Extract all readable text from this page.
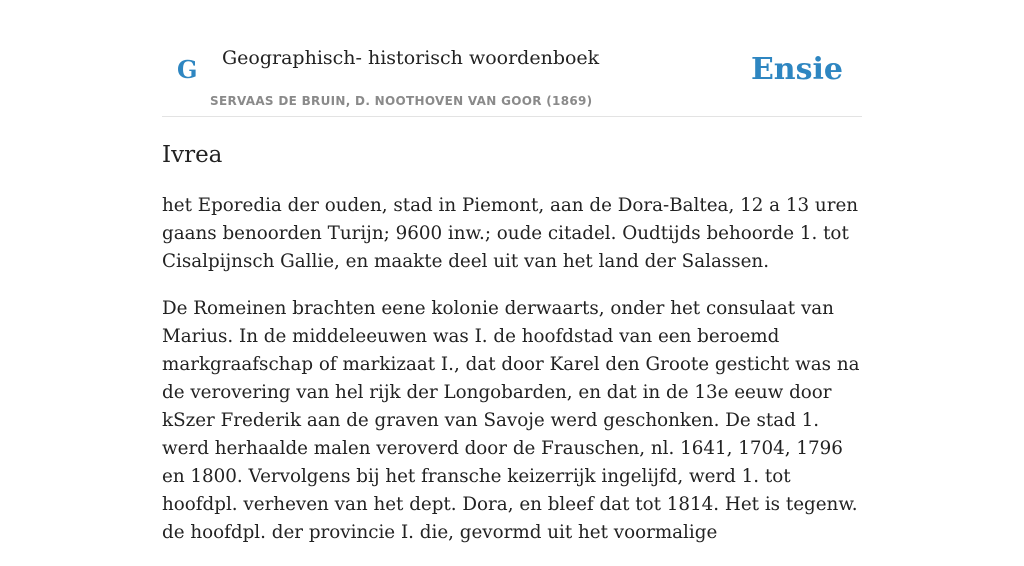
G Geographisch- historisch woordenboek
SERVAAS DE BRUIN, D. NOOTHOVEN VAN GOOR (1869)
Ensie
Ivrea

het Eporedia der ouden, stad in Piemont, aan de Dora-Baltea, 12 a 13 uren gaans benoorden Turijn; 9600 inw.; oude citadel. Oudtijds behoorde 1. tot Cisalpijnsch Gallie, en maakte deel uit van het land der Salassen.

De Romeinen brachten eene kolonie derwaarts, onder het consulaat van Marius. In de middeleeuwen was I. de hoofdstad van een beroemd markgraafschap of markizaat I., dat door Karel den Groote gesticht was na de verovering van hel rijk der Longobarden, en dat in de 13e eeuw door kSzer Frederik aan de graven van Savoje werd geschonken. De stad 1. werd herhaalde malen veroverd door de Frauschen, nl. 1641, 1704, 1796 en 1800. Vervolgens bij het fransche keizerrijk ingelijfd, werd 1. tot hoofdpl. verheven van het dept. Dora, en bleef dat tot 1814. Het is tegenw. de hoofdpl. der provincie I. die, gevormd uit het voormalige
